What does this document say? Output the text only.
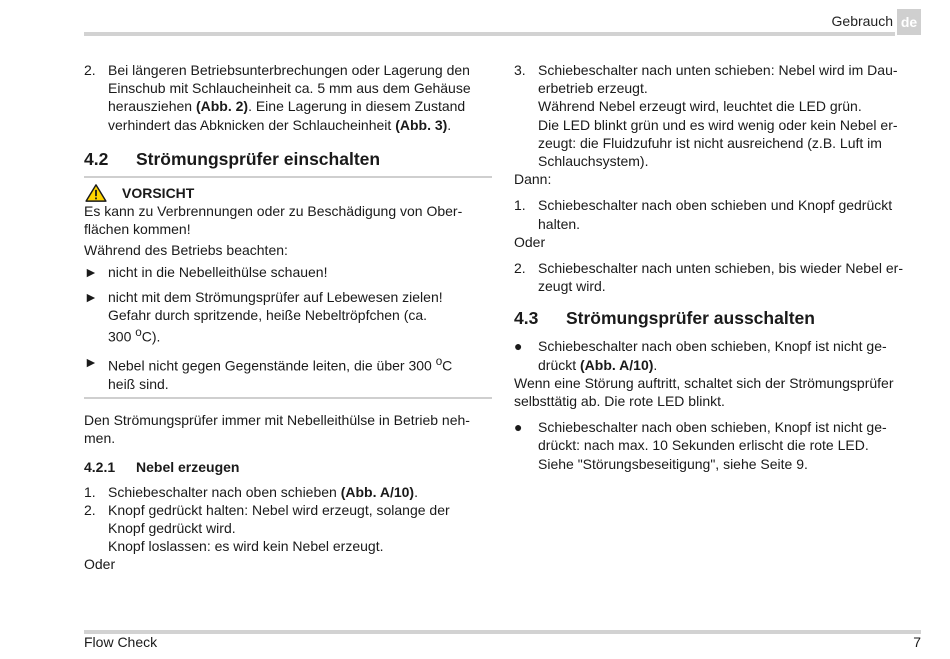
Gebrauch de
2. Bei längeren Betriebsunterbrechungen oder Lagerung den
Einschub mit Schlaucheinheit ca. 5 mm aus dem Gehäuse
herausziehen (Abb. 2). Eine Lagerung in diesem Zustand
verhindert das Abknicken der Schlaucheinheit (Abb. 3).
4.2	Strömungsprüfer einschalten
VORSICHT

Es kann zu Verbrennungen oder zu Beschädigung von Ober-
flächen kommen!

Während des Betriebs beachten:

► nicht in die Nebelleithülse schauen!
► nicht mit dem Strömungsprüfer auf Lebewesen zielen!
Gefahr durch spritzende, heiße Nebeltröpfchen (ca.
300 $^o$C).
► Nebel nicht gegen Gegenstände leiten, die über 300 $^o$C
heiß sind.

Den Strömungsprüfer immer mit Nebelleithülse in Betrieb neh-
men.

4.2.1	Nebel erzeugen
1. Schiebeschalter nach oben schieben (Abb. A/10).
2. Knopf gedrückt halten: Nebel wird erzeugt, solange der
Knopf gedrückt wird.
Knopf loslassen: es wird kein Nebel erzeugt.

Oder

3. Schiebeschalter nach unten schieben: Nebel wird im Dau-
erbetrieb erzeugt.
Während Nebel erzeugt wird, leuchtet die LED grün.
Die LED blinkt grün und es wird wenig oder kein Nebel er-
zeugt: die Fluidzufuhr ist nicht ausreichend (z.B. Luft im
Schlauchsystem).

Dann:

1. Schiebeschalter nach oben schieben und Knopf gedrückt
halten.

Oder

2. Schiebeschalter nach unten schieben, bis wieder Nebel er-
zeugt wird.
4.3	Strömungsprüfer ausschalten
●	Schiebeschalter nach oben schieben, Knopf ist nicht ge-
drückt (Abb. A/10).

Wenn eine Störung auftritt, schaltet sich der Strömungsprüfer
selbsttätig ab. Die rote LED blinkt.

●	Schiebeschalter nach oben schieben, Knopf ist nicht ge-
drückt: nach max. 10 Sekunden erlischt die rote LED.
Siehe "Störungsbeseitigung", siehe Seite 9.
Flow Check	7
